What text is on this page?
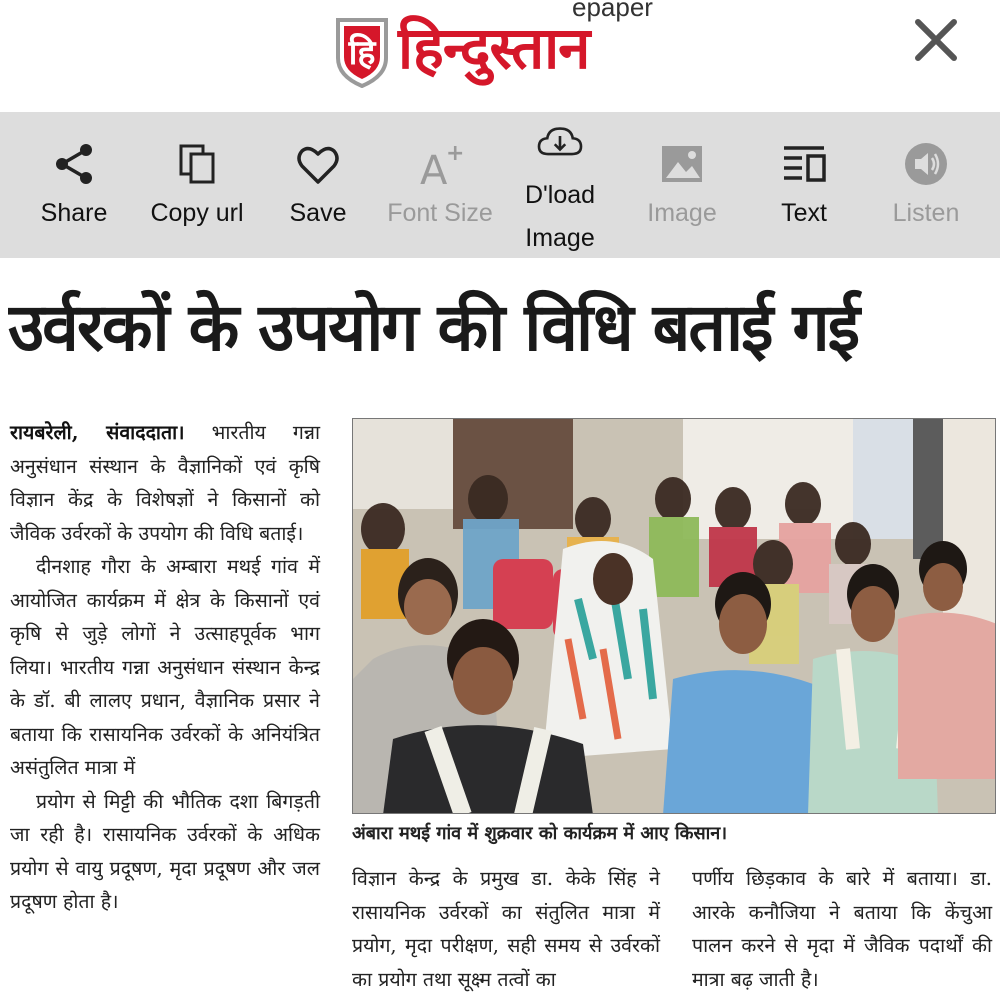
हि हिन्दुस्तान
epaper
Share	Copy url	Save
A
+
Font Size
D'load Image
Image	Text	Listen
उर्वरकों के उपयोग की विधि बताई गई

रायबरेली, संवाददाता। भारतीय गन्ना अनुसंधान संस्थान के वैज्ञानिकों एवं कृषि विज्ञान केंद्र के विशेषज्ञों ने किसानों को जैविक उर्वरकों के उपयोग की विधि बताई।

दीनशाह गौरा के अम्बारा मथई गांव में आयोजित कार्यक्रम में क्षेत्र के किसानों एवं कृषि से जुड़े लोगों ने उत्साहपूर्वक भाग लिया। भारतीय गन्ना अनुसंधान संस्थान केन्द्र के डॉ. बी लालए प्रधान, वैज्ञानिक प्रसार ने बताया कि रासायनिक उर्वरकों के अनियंत्रित असंतुलित मात्रा में

प्रयोग से मिट्टी की भौतिक दशा बिगड़ती जा रही है। रासायनिक उर्वरकों के अधिक प्रयोग से वायु प्रदूषण, मृदा प्रदूषण और जल प्रदूषण होता है।

अंबारा मथई गांव में शुक्रवार को कार्यक्रम में आए किसान।

विज्ञान केन्द्र के प्रमुख डा. केके सिंह ने रासायनिक उर्वरकों का संतुलित मात्रा में प्रयोग, मृदा परीक्षण, सही समय से उर्वरकों का प्रयोग तथा सूक्ष्म तत्वों का

पर्णीय छिड़काव के बारे में बताया। डा. आरके कनौजिया ने बताया कि केंचुआ पालन करने से मृदा में जैविक पदार्थों की मात्रा बढ़ जाती है।
